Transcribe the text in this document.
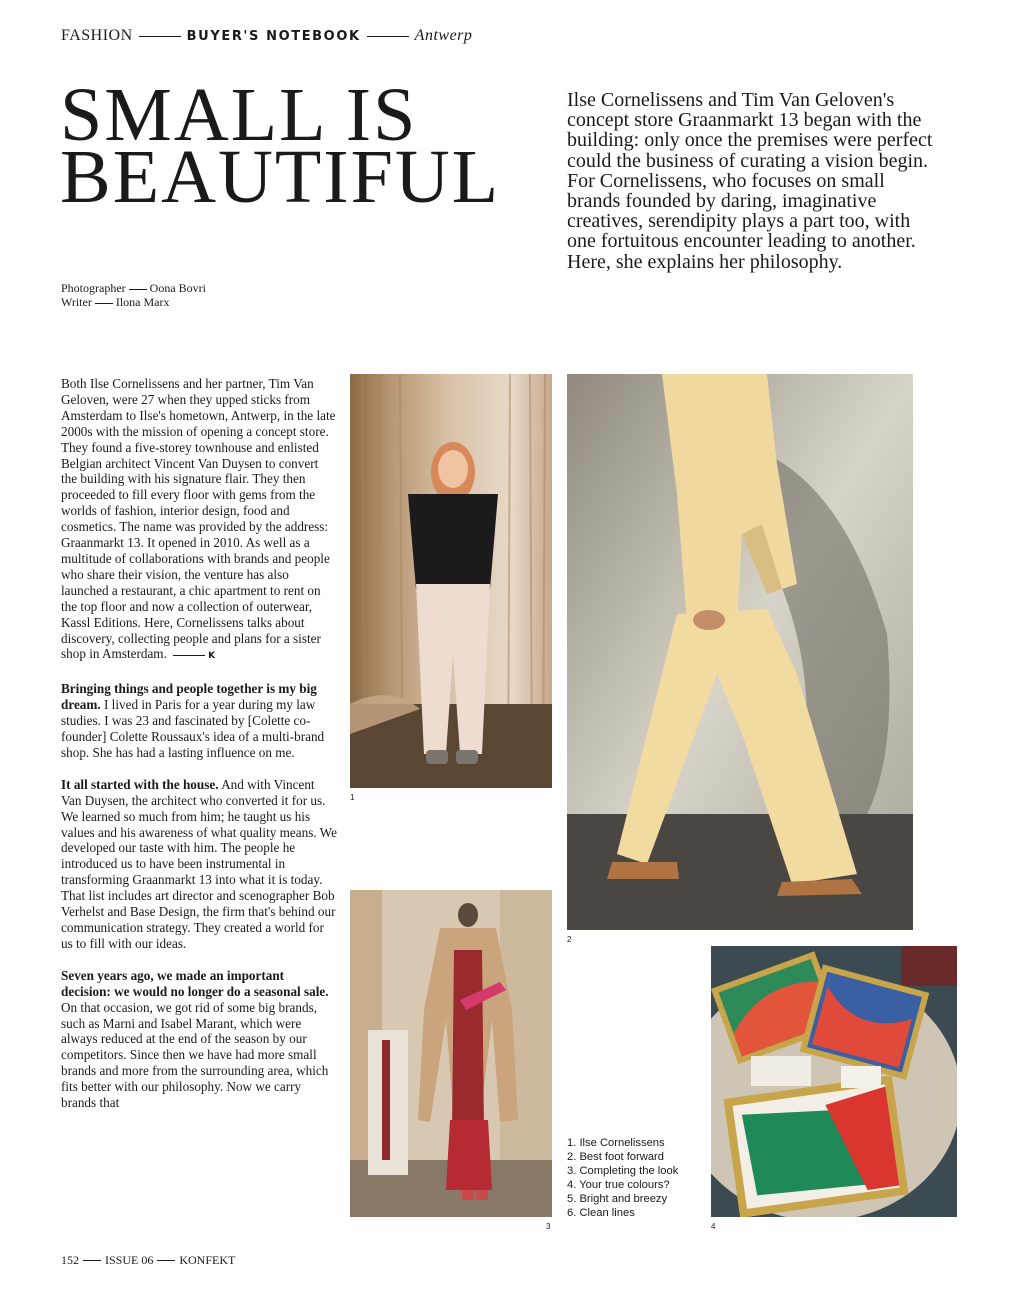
FASHION	BUYER'S NOTEBOOK	Antwerp
SMALL IS
BEAUTIFUL
Ilse Cornelissens and Tim Van Geloven's concept store Graanmarkt 13 began with the building: only once the premises were perfect could the business of curating a vision begin. For Cornelissens, who focuses on small brands founded by daring, imaginative creatives, serendipity plays a part too, with one fortuitous encounter leading to another. Here, she explains her philosophy.
Photographer Oona Bovri
Writer Ilona Marx

Both Ilse Cornelissens and her partner, Tim Van Geloven, were 27 when they upped sticks from Amsterdam to Ilse's hometown, Antwerp, in the late 2000s with the mission of opening a concept store. They found a five-storey townhouse and enlisted Belgian architect Vincent Van Duysen to convert the building with his signature flair. They then proceeded to fill every floor with gems from the worlds of fashion, interior design, food and cosmetics. The name was provided by the address: Graanmarkt 13. It opened in 2010. As well as a multitude of collaborations with brands and people who share their vision, the venture has also launched a restaurant, a chic apartment to rent on the top floor and now a collection of outerwear, Kassl Editions. Here, Cornelissens talks about discovery, collecting people and plans for a sister shop in Amsterdam.	K

Bringing things and people together is my big dream. I lived in Paris for a year during my law studies. I was 23 and fascinated by [Colette co-founder] Colette Roussaux's idea of a multi-brand shop. She has had a lasting influence on me.

It all started with the house. And with Vincent Van Duysen, the architect who converted it for us. We learned so much from him; he taught us his values and his awareness of what quality means. We developed our taste with him. The people he introduced us to have been instrumental in transforming Graanmarkt 13 into what it is today. That list includes art director and scenographer Bob Verhelst and Base Design, the firm that's behind our communication strategy. They created a world for us to fill with our ideas.

Seven years ago, we made an important decision: we would no longer do a seasonal sale. On that occasion, we got rid of some big brands, such as Marni and Isabel Marant, which were always reduced at the end of the season by our competitors. Since then we have had more small brands and more from the surrounding area, which fits better with our philosophy. Now we carry brands that

1
2
3	4
1. Ilse Cornelissens
2. Best foot forward
3. Completing the look
4. Your true colours?
5. Bright and breezy
6. Clean lines
152 ISSUE 06 KONFEKT
